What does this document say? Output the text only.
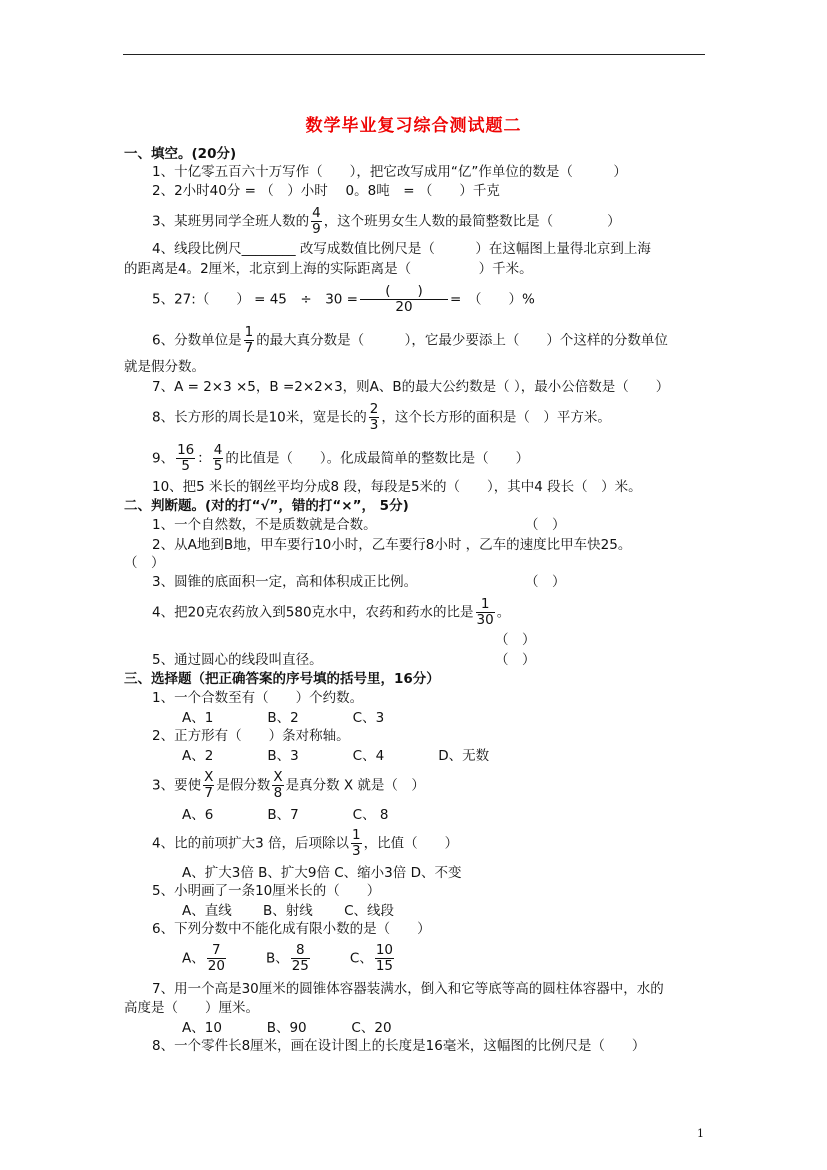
数学毕业复习综合测试题二
一、填空。(20分)
1、十亿零五百六十万写作（　　），把它改写成用“亿”作单位的数是（　　　）
2、2小时40分 = （　）小时　 0。8吨　= （　　）千克
3、某班男同学全班人数的 $\frac{4}{9}$ ，这个班男女生人数的最简整数比是（　　　　）
4、线段比例尺________ 改写成数值比例尺是（　　　）在这幅图上量得北京到上海
的距离是4。2厘米，北京到上海的实际距离是（　　　　　）千米。
5、27:（　　） = 45　÷　30 =
(　　)
20	=　（　　）%
6、分数单位是 $\frac{1}{7}$ 的最大真分数是（　　　），它最少要添上（　　）个这样的分数单位
就是假分数。
7、A = 2×3 ×5，B =2×2×3，则A、B的最大公约数是（ ），最小公倍数是（　　）
8、长方形的周长是10米，宽是长的 $\frac{2}{3}$ ，这个长方形的面积是（　）平方米。
9、 $\frac{16}{5}$ ： $\frac{4}{5}$ 的比值是（　　）。化成最简单的整数比是（　　）
10、把5 米长的钢丝平均分成8 段，每段是5米的（　　），其中4 段长（　）米。
二、判断题。(对的打“√”，错的打“×”， 5分)
1、一个自然数，不是质数就是合数。	（　）
2、从A地到B地，甲车要行10小时，乙车要行8小时 ，乙车的速度比甲车快25。
（　）
3、圆锥的底面积一定，高和体积成正比例。	（　）
4、把20克农药放入到580克水中，农药和药水的比是 $\frac{1}{30}$ 。
（　）
5、通过圆心的线段叫直径。	（　）
三、选择题（把正确答案的序号填的括号里，16分）
1、一个合数至有（　　）个约数。
A、1　　　　B、2　　　　C、3
2、正方形有（　　）条对称轴。
A、2　　　　B、3　　　　C、4　　　　D、无数
3、要使 $\frac{X}{7}$ 是假分数 $\frac{X}{8}$ 是真分数 X 就是（　）
A、6　　　　B、7　　　　C、 8
4、比的前项扩大3 倍，后项除以 $\frac{1}{3}$ ，比值（　　）
A、扩大3倍 B、扩大9倍 C、缩小3倍 D、不变
5、小明画了一条10厘米长的（　　）
A、直线　　 B、射线　　 C、线段
6、下列分数中不能化成有限小数的是（　　）
A、 $\frac{7}{20}$	B、 $\frac{8}{25}$	C、 $\frac{10}{15}$
7、用一个高是30厘米的圆锥体容器装满水，倒入和它等底等高的圆柱体容器中，水的
高度是（　　）厘米。
A、10　　　 B、90　　　 C、20
8、一个零件长8厘米，画在设计图上的长度是16毫米，这幅图的比例尺是（　　）
1
